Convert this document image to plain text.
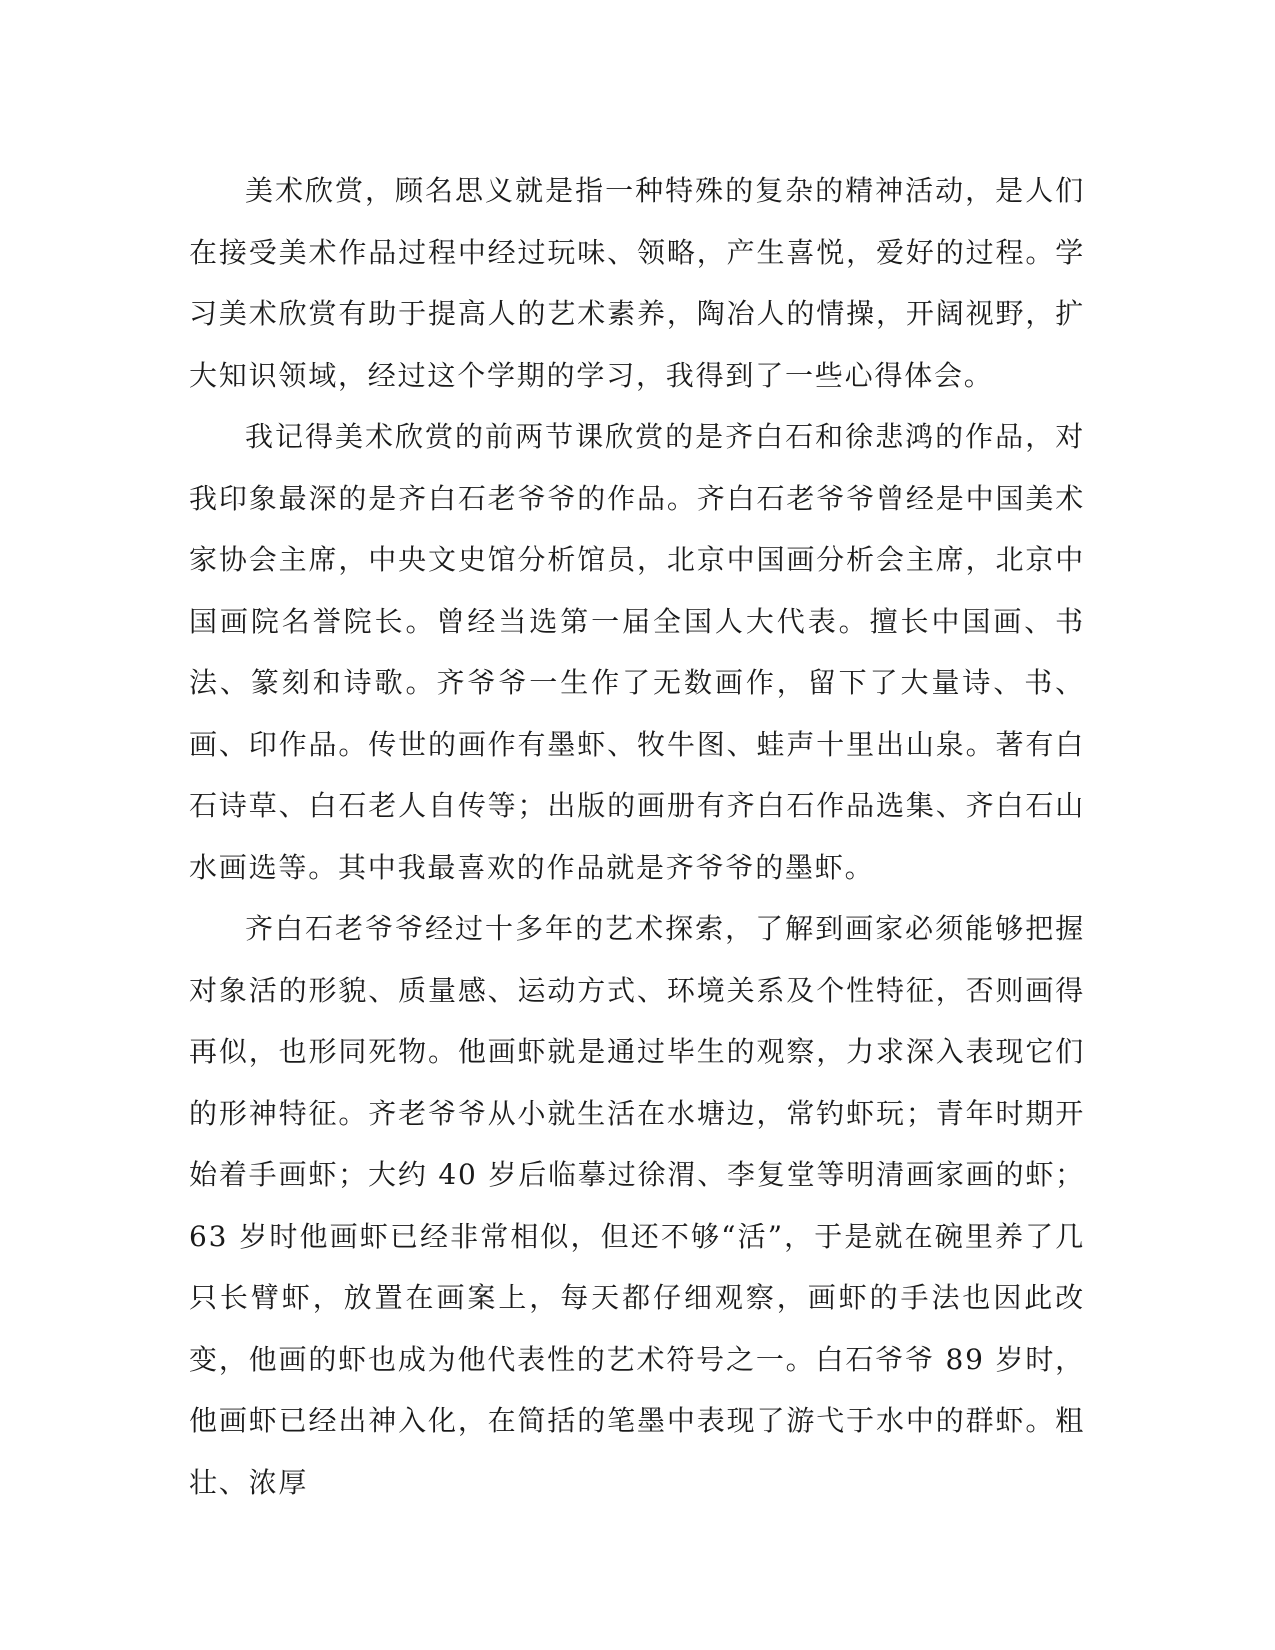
美术欣赏，顾名思义就是指一种特殊的复杂的精神活动，是人们在接受美术作品过程中经过玩味、领略，产生喜悦，爱好的过程。学习美术欣赏有助于提高人的艺术素养，陶冶人的情操，开阔视野，扩大知识领域，经过这个学期的学习，我得到了一些心得体会。

我记得美术欣赏的前两节课欣赏的是齐白石和徐悲鸿的作品，对我印象最深的是齐白石老爷爷的作品。齐白石老爷爷曾经是中国美术家协会主席，中央文史馆分析馆员，北京中国画分析会主席，北京中国画院名誉院长。曾经当选第一届全国人大代表。擅长中国画、书法、篆刻和诗歌。齐爷爷一生作了无数画作，留下了大量诗、书、画、印作品。传世的画作有墨虾、牧牛图、蛙声十里出山泉。著有白石诗草、白石老人自传等；出版的画册有齐白石作品选集、齐白石山水画选等。其中我最喜欢的作品就是齐爷爷的墨虾。

齐白石老爷爷经过十多年的艺术探索，了解到画家必须能够把握对象活的形貌、质量感、运动方式、环境关系及个性特征，否则画得再似，也形同死物。他画虾就是通过毕生的观察，力求深入表现它们的形神特征。齐老爷爷从小就生活在水塘边，常钓虾玩；青年时期开始着手画虾；大约 40 岁后临摹过徐渭、李复堂等明清画家画的虾；63 岁时他画虾已经非常相似，但还不够“活”，于是就在碗里养了几只长臂虾，放置在画案上，每天都仔细观察，画虾的手法也因此改变，他画的虾也成为他代表性的艺术符号之一。白石爷爷 89 岁时，他画虾已经出神入化，在简括的笔墨中表现了游弋于水中的群虾。粗壮、浓厚
